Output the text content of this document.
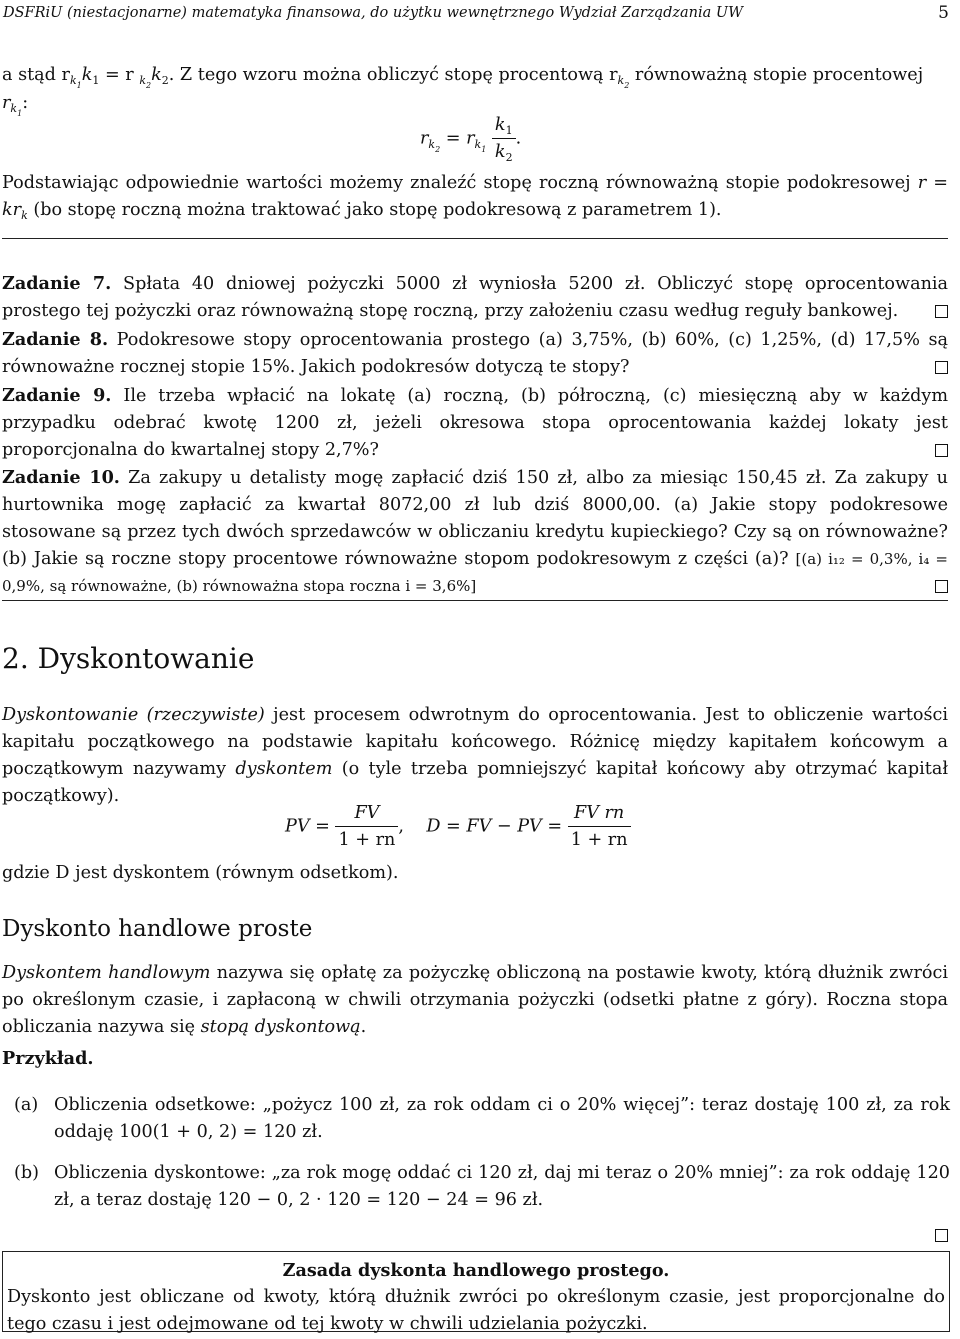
DSFRiU (niestacjonarne) matematyka finansowa, do użytku wewnętrznego Wydział Zarządzania UW	5
a stąd $r_{k_1}k_1 = r$ $_{k_2}k_2$. Z tego wzoru można obliczyć stopę procentową $r_{k_2}$ równoważną stopie procentowej
$r_{k_1}$:
$r_{k_2} = r_{k_1} \frac{k_1}{k_2}$ .
Podstawiając odpowiednie wartości możemy znaleźć stopę roczną równoważną stopie podokresowej $r = kr_k$ (bo stopę roczną można traktować jako stopę podokresową z parametrem 1).
Zadanie 7. Spłata 40 dniowej pożyczki 5000 zł wyniosła 5200 zł. Obliczyć stopę oprocentowania prostego tej pożyczki oraz równoważną stopę roczną, przy założeniu czasu według reguły bankowej.
Zadanie 8. Podokresowe stopy oprocentowania prostego (a) 3,75%, (b) 60%, (c) 1,25%, (d) 17,5% są równoważne rocznej stopie 15%. Jakich podokresów dotyczą te stopy?
Zadanie 9. Ile trzeba wpłacić na lokatę (a) roczną, (b) półroczną, (c) miesięczną aby w każdym przypadku odebrać kwotę 1200 zł, jeżeli okresowa stopa oprocentowania każdej lokaty jest proporcjonalna do kwartalnej stopy 2,7%?
Zadanie 10. Za zakupy u detalisty mogę zapłacić dziś 150 zł, albo za miesiąc 150,45 zł. Za zakupy u hurtownika mogę zapłacić za kwartał 8072,00 zł lub dziś 8000,00. (a) Jakie stopy podokresowe stosowane są przez tych dwóch sprzedawców w obliczaniu kredytu kupieckiego? Czy są on równoważne? (b) Jakie są roczne stopy procentowe równoważne stopom podokresowym z części (a)? [(a) i₁₂ = 0,3%, i₄ = 0,9%, są równoważne, (b) równoważna stopa roczna i = 3,6%]
2. Dyskontowanie
Dyskontowanie (rzeczywiste) jest procesem odwrotnym do oprocentowania. Jest to obliczenie wartości kapitału początkowego na podstawie kapitału końcowego. Różnicę między kapitałem końcowym a początkowym nazywamy dyskontem (o tyle trzeba pomniejszyć kapitał końcowy aby otrzymać kapitał początkowy).
PV = $\frac{FV}{1 + rn}$ ,    D = FV − PV = $\frac{\text{FV rn}}{1 + rn}$
gdzie D jest dyskontem (równym odsetkom).
Dyskonto handlowe proste
Dyskontem handlowym nazywa się opłatę za pożyczkę obliczoną na postawie kwoty, którą dłużnik zwróci po określonym czasie, i zapłaconą w chwili otrzymania pożyczki (odsetki płatne z góry). Roczna stopa obliczania nazywa się stopą dyskontową.
Przykład.
(a) Obliczenia odsetkowe: „pożycz 100 zł, za rok oddam ci o 20% więcej”: teraz dostaję 100 zł, za rok oddaję 100(1 + 0, 2) = 120 zł.
(b) Obliczenia dyskontowe: „za rok mogę oddać ci 120 zł, daj mi teraz o 20% mniej”: za rok oddaję 120 zł, a teraz dostaję 120 − 0, 2 · 120 = 120 − 24 = 96 zł.
Zasada dyskonta handlowego prostego.
Dyskonto jest obliczane od kwoty, którą dłużnik zwróci po określonym czasie, jest proporcjonalne do tego czasu i jest odejmowane od tej kwoty w chwili udzielania pożyczki.
